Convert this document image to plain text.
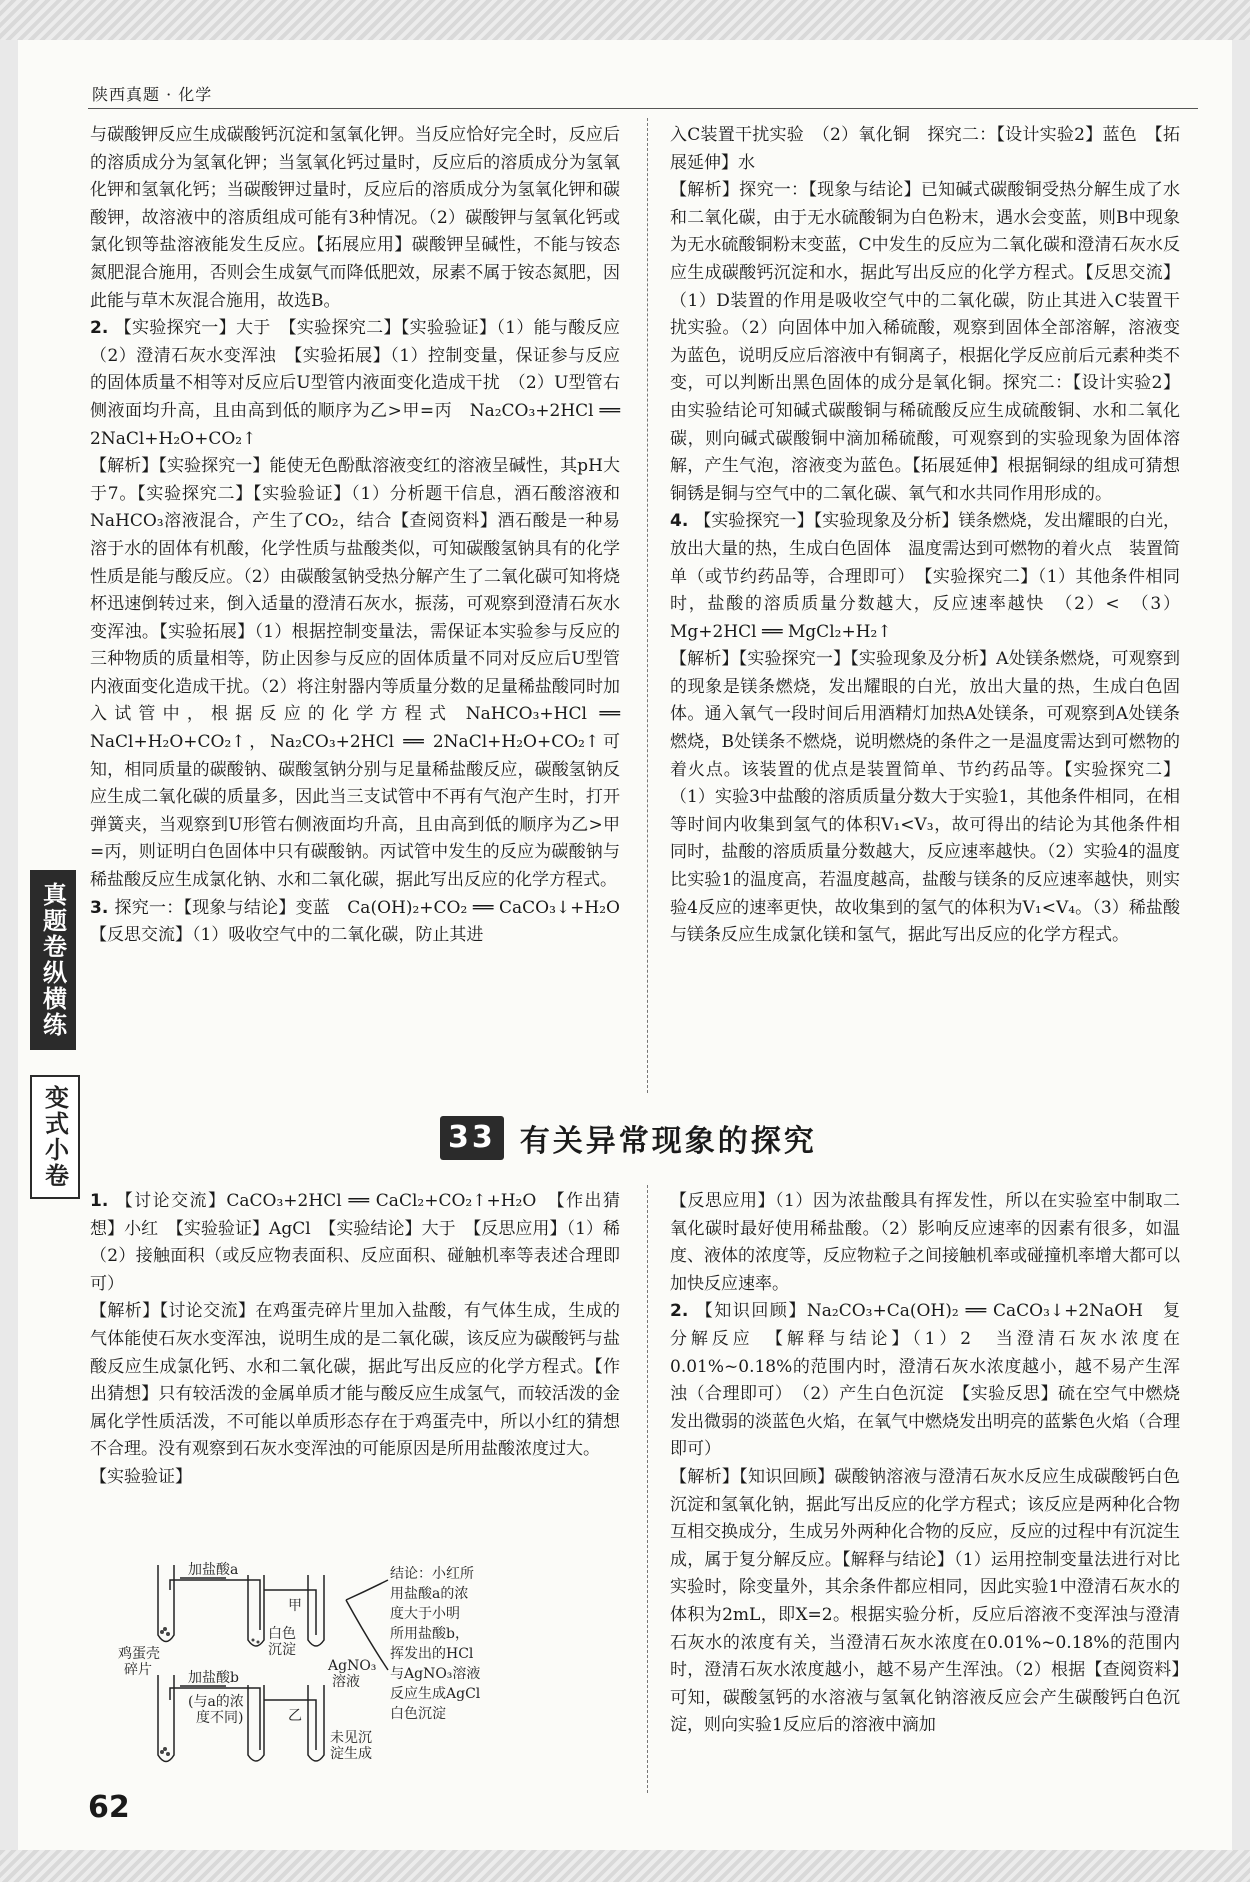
陕西真题 · 化学
真题卷纵横练
变式小卷

与碳酸钾反应生成碳酸钙沉淀和氢氧化钾。当反应恰好完全时，反应后的溶质成分为氢氧化钾；当氢氧化钙过量时，反应后的溶质成分为氢氧化钾和氢氧化钙；当碳酸钾过量时，反应后的溶质成分为氢氧化钾和碳酸钾，故溶液中的溶质组成可能有3种情况。（2）碳酸钾与氢氧化钙或氯化钡等盐溶液能发生反应。【拓展应用】碳酸钾呈碱性，不能与铵态氮肥混合施用，否则会生成氨气而降低肥效，尿素不属于铵态氮肥，因此能与草木灰混合施用，故选B。

2. 【实验探究一】大于　【实验探究二】【实验验证】（1）能与酸反应　（2）澄清石灰水变浑浊　【实验拓展】（1）控制变量，保证参与反应的固体质量不相等对反应后U型管内液面变化造成干扰　（2）U型管右侧液面均升高，且由高到低的顺序为乙>甲=丙　Na₂CO₃+2HCl ══ 2NaCl+H₂O+CO₂↑

【解析】【实验探究一】能使无色酚酞溶液变红的溶液呈碱性，其pH大于7。【实验探究二】【实验验证】（1）分析题干信息，酒石酸溶液和NaHCO₃溶液混合，产生了CO₂，结合【查阅资料】酒石酸是一种易溶于水的固体有机酸，化学性质与盐酸类似，可知碳酸氢钠具有的化学性质是能与酸反应。（2）由碳酸氢钠受热分解产生了二氧化碳可知将烧杯迅速倒转过来，倒入适量的澄清石灰水，振荡，可观察到澄清石灰水变浑浊。【实验拓展】（1）根据控制变量法，需保证本实验参与反应的三种物质的质量相等，防止因参与反应的固体质量不同对反应后U型管内液面变化造成干扰。（2）将注射器内等质量分数的足量稀盐酸同时加入试管中，根据反应的化学方程式 NaHCO₃+HCl ══ NaCl+H₂O+CO₂↑，Na₂CO₃+2HCl ══ 2NaCl+H₂O+CO₂↑可知，相同质量的碳酸钠、碳酸氢钠分别与足量稀盐酸反应，碳酸氢钠反应生成二氧化碳的质量多，因此当三支试管中不再有气泡产生时，打开弹簧夹，当观察到U形管右侧液面均升高，且由高到低的顺序为乙>甲=丙，则证明白色固体中只有碳酸钠。丙试管中发生的反应为碳酸钠与稀盐酸反应生成氯化钠、水和二氧化碳，据此写出反应的化学方程式。

3. 探究一：【现象与结论】变蓝　Ca(OH)₂+CO₂ ══ CaCO₃↓+H₂O　【反思交流】（1）吸收空气中的二氧化碳，防止其进

入C装置干扰实验　（2）氧化铜　探究二：【设计实验2】蓝色　【拓展延伸】水

【解析】探究一：【现象与结论】已知碱式碳酸铜受热分解生成了水和二氧化碳，由于无水硫酸铜为白色粉末，遇水会变蓝，则B中现象为无水硫酸铜粉末变蓝，C中发生的反应为二氧化碳和澄清石灰水反应生成碳酸钙沉淀和水，据此写出反应的化学方程式。【反思交流】（1）D装置的作用是吸收空气中的二氧化碳，防止其进入C装置干扰实验。（2）向固体中加入稀硫酸，观察到固体全部溶解，溶液变为蓝色，说明反应后溶液中有铜离子，根据化学反应前后元素种类不变，可以判断出黑色固体的成分是氧化铜。探究二：【设计实验2】由实验结论可知碱式碳酸铜与稀硫酸反应生成硫酸铜、水和二氧化碳，则向碱式碳酸铜中滴加稀硫酸，可观察到的实验现象为固体溶解，产生气泡，溶液变为蓝色。【拓展延伸】根据铜绿的组成可猜想铜锈是铜与空气中的二氧化碳、氧气和水共同作用形成的。

4. 【实验探究一】【实验现象及分析】镁条燃烧，发出耀眼的白光，放出大量的热，生成白色固体　温度需达到可燃物的着火点　装置简单（或节约药品等，合理即可）　【实验探究二】（1）其他条件相同时，盐酸的溶质质量分数越大，反应速率越快　（2）<　（3）Mg+2HCl ══ MgCl₂+H₂↑

【解析】【实验探究一】【实验现象及分析】A处镁条燃烧，可观察到的现象是镁条燃烧，发出耀眼的白光，放出大量的热，生成白色固体。通入氧气一段时间后用酒精灯加热A处镁条，可观察到A处镁条燃烧，B处镁条不燃烧，说明燃烧的条件之一是温度需达到可燃物的着火点。该装置的优点是装置简单、节约药品等。【实验探究二】（1）实验3中盐酸的溶质质量分数大于实验1，其他条件相同，在相等时间内收集到氢气的体积V₁<V₃，故可得出的结论为其他条件相同时，盐酸的溶质质量分数越大，反应速率越快。（2）实验4的温度比实验1的温度高，若温度越高，盐酸与镁条的反应速率越快，则实验4反应的速率更快，故收集到的氢气的体积为V₁<V₄。（3）稀盐酸与镁条反应生成氯化镁和氢气，据此写出反应的化学方程式。

33 有关异常现象的探究

1. 【讨论交流】CaCO₃+2HCl ══ CaCl₂+CO₂↑+H₂O　【作出猜想】小红　【实验验证】AgCl　【实验结论】大于　【反思应用】（1）稀　（2）接触面积（或反应物表面积、反应面积、碰触机率等表述合理即可）

【解析】【讨论交流】在鸡蛋壳碎片里加入盐酸，有气体生成，生成的气体能使石灰水变浑浊，说明生成的是二氧化碳，该反应为碳酸钙与盐酸反应生成氯化钙、水和二氧化碳，据此写出反应的化学方程式。【作出猜想】只有较活泼的金属单质才能与酸反应生成氢气，而较活泼的金属化学性质活泼，不可能以单质形态存在于鸡蛋壳中，所以小红的猜想不合理。没有观察到石灰水变浑浊的可能原因是所用盐酸浓度过大。

【实验验证】

加盐酸a
加盐酸b
(与a的浓
度不同)
鸡蛋壳
碎片
甲
乙
白色
沉淀
AgNO₃
溶液
未见沉
淀生成
结论：小红所
用盐酸a的浓
度大于小明
所用盐酸b，
挥发出的HCl
与AgNO₃溶液
反应生成AgCl
白色沉淀

【反思应用】（1）因为浓盐酸具有挥发性，所以在实验室中制取二氧化碳时最好使用稀盐酸。（2）影响反应速率的因素有很多，如温度、液体的浓度等，反应物粒子之间接触机率或碰撞机率增大都可以加快反应速率。

2. 【知识回顾】Na₂CO₃+Ca(OH)₂ ══ CaCO₃↓+2NaOH　复分解反应　【解释与结论】（1）2　当澄清石灰水浓度在0.01%~0.18%的范围内时，澄清石灰水浓度越小，越不易产生浑浊（合理即可）　（2）产生白色沉淀　【实验反思】硫在空气中燃烧发出微弱的淡蓝色火焰，在氧气中燃烧发出明亮的蓝紫色火焰（合理即可）

【解析】【知识回顾】碳酸钠溶液与澄清石灰水反应生成碳酸钙白色沉淀和氢氧化钠，据此写出反应的化学方程式；该反应是两种化合物互相交换成分，生成另外两种化合物的反应，反应的过程中有沉淀生成，属于复分解反应。【解释与结论】（1）运用控制变量法进行对比实验时，除变量外，其余条件都应相同，因此实验1中澄清石灰水的体积为2mL，即X=2。根据实验分析，反应后溶液不变浑浊与澄清石灰水的浓度有关，当澄清石灰水浓度在0.01%~0.18%的范围内时，澄清石灰水浓度越小，越不易产生浑浊。（2）根据【查阅资料】可知，碳酸氢钙的水溶液与氢氧化钠溶液反应会产生碳酸钙白色沉淀，则向实验1反应后的溶液中滴加

62
